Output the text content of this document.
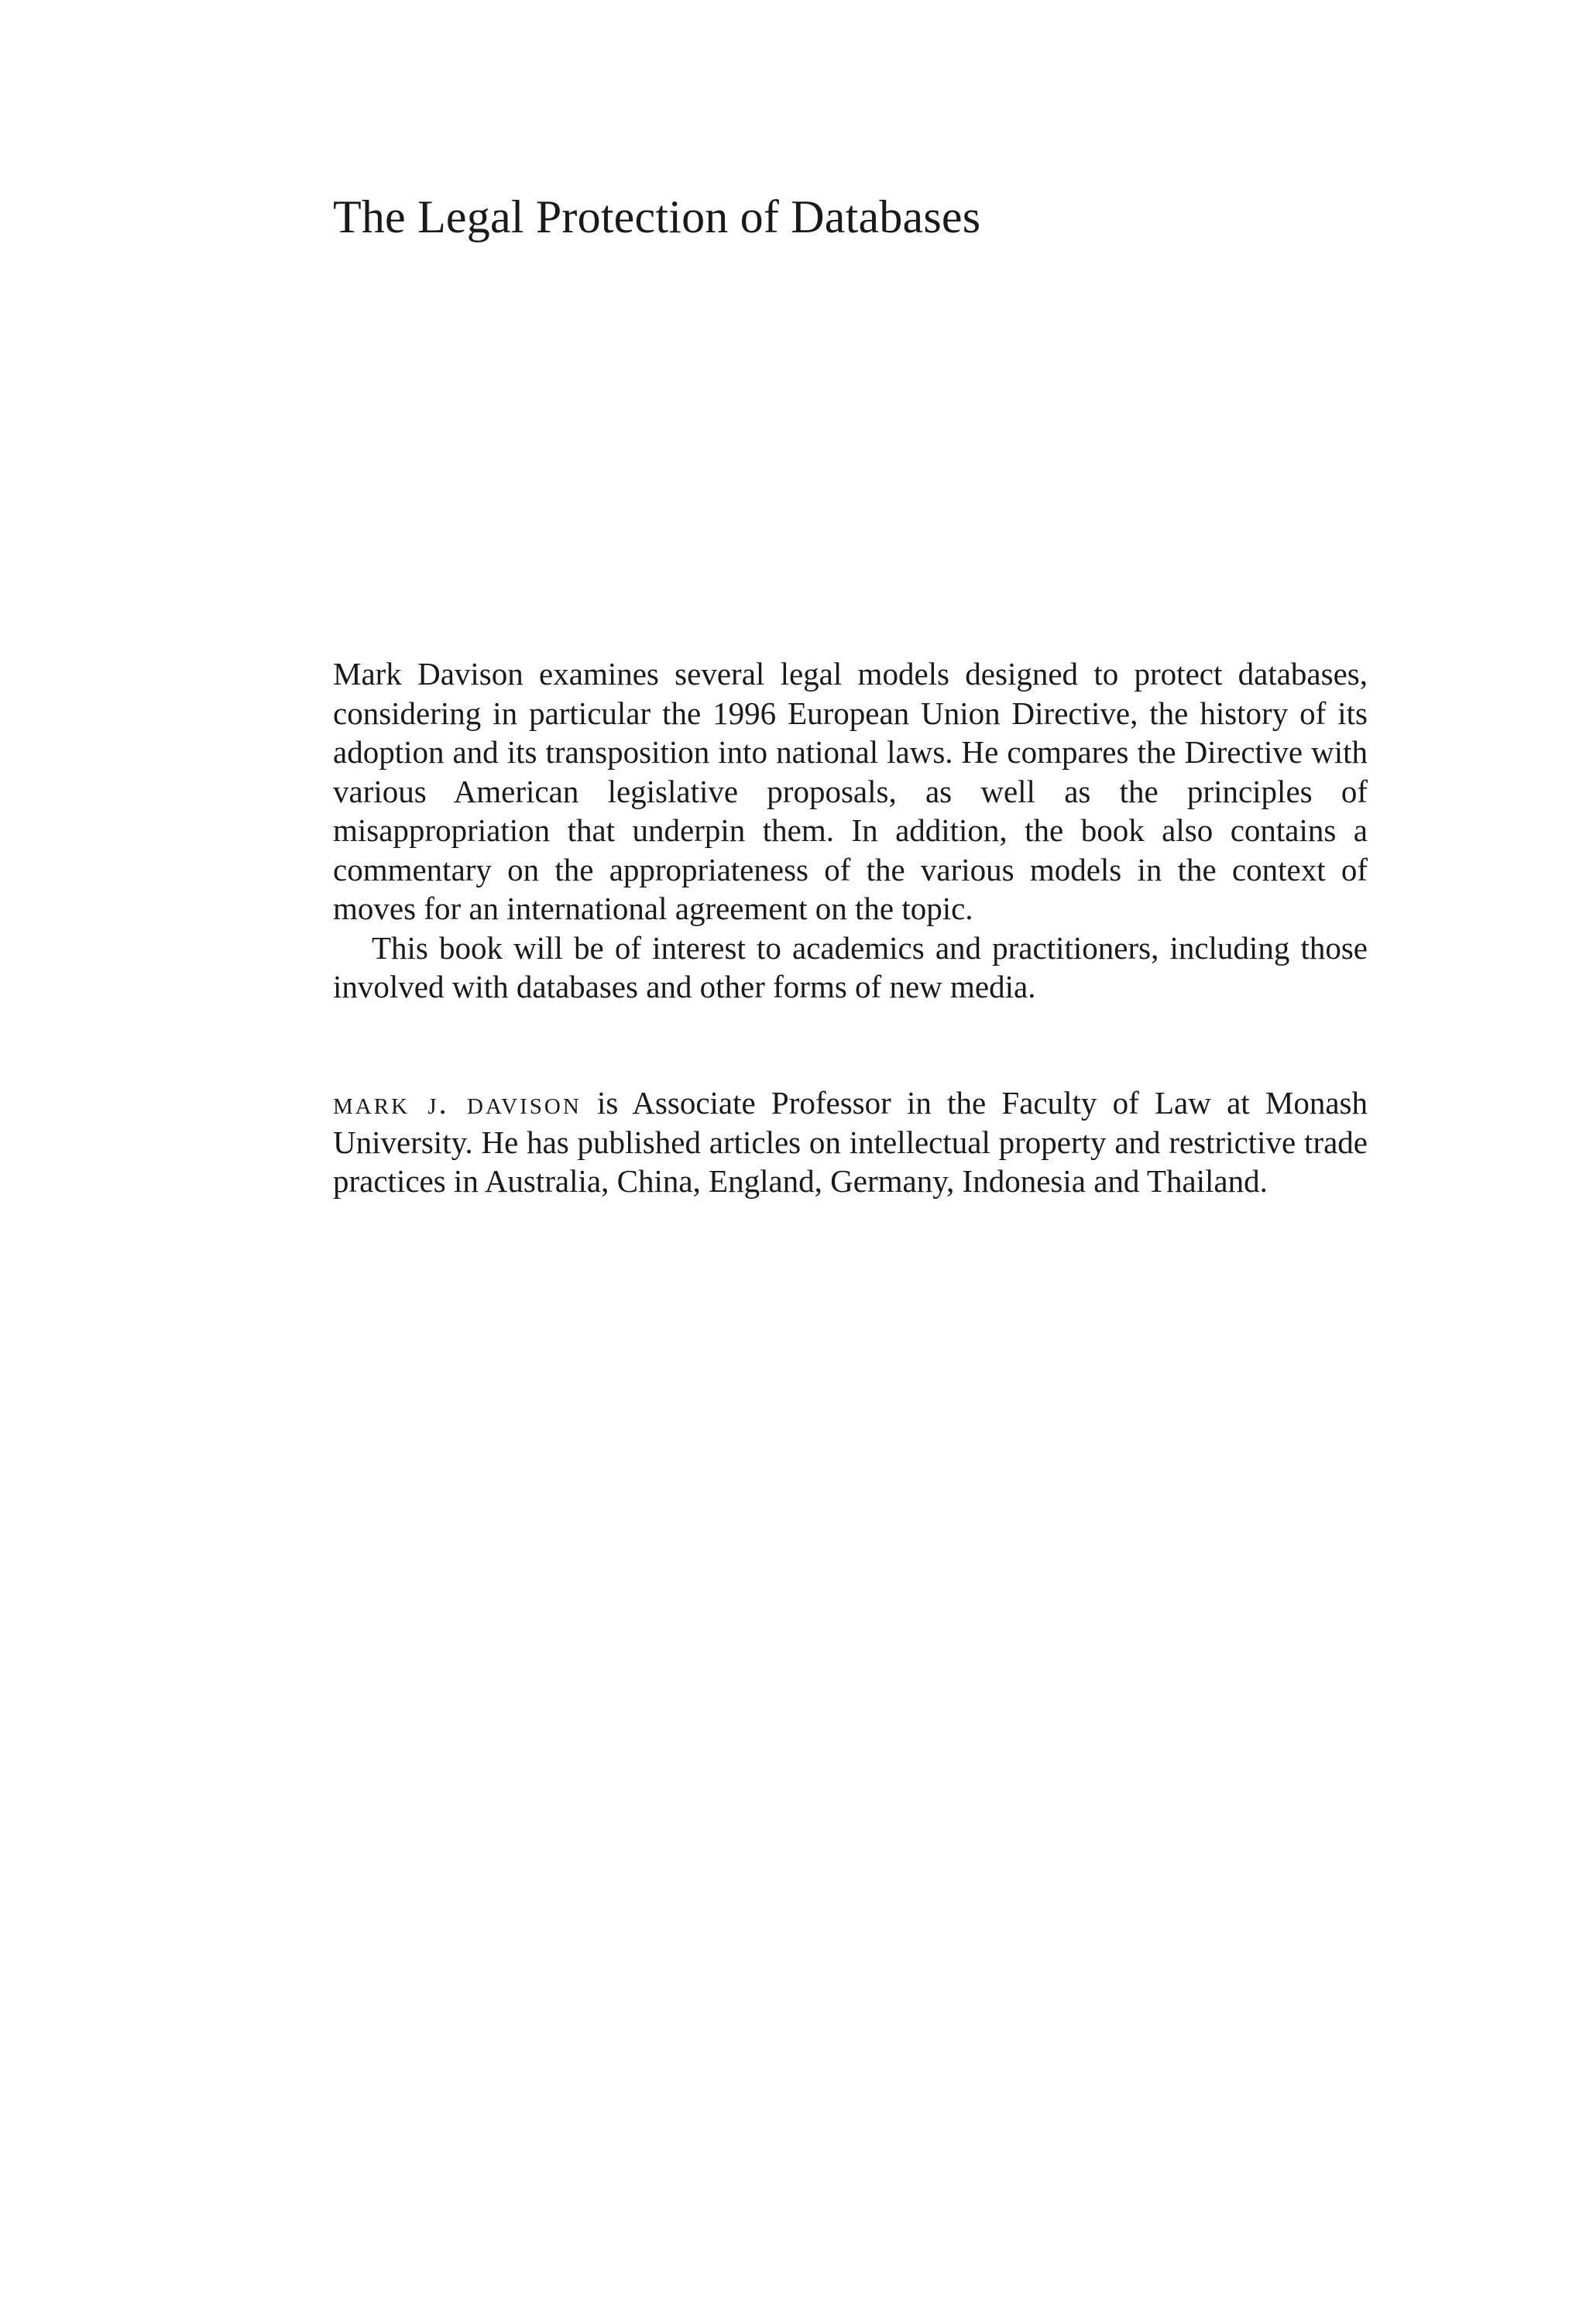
The Legal Protection of Databases

Mark Davison examines several legal models designed to protect databases, considering in particular the 1996 European Union Directive, the history of its adoption and its transposition into national laws. He compares the Directive with various American legislative proposals, as well as the principles of misappropriation that underpin them. In addition, the book also contains a commentary on the appropriateness of the various models in the context of moves for an international agreement on the topic.

This book will be of interest to academics and practitioners, including those involved with databases and other forms of new media.

mark j. davison is Associate Professor in the Faculty of Law at Monash University. He has published articles on intellectual property and restrictive trade practices in Australia, China, England, Germany, Indonesia and Thailand.
